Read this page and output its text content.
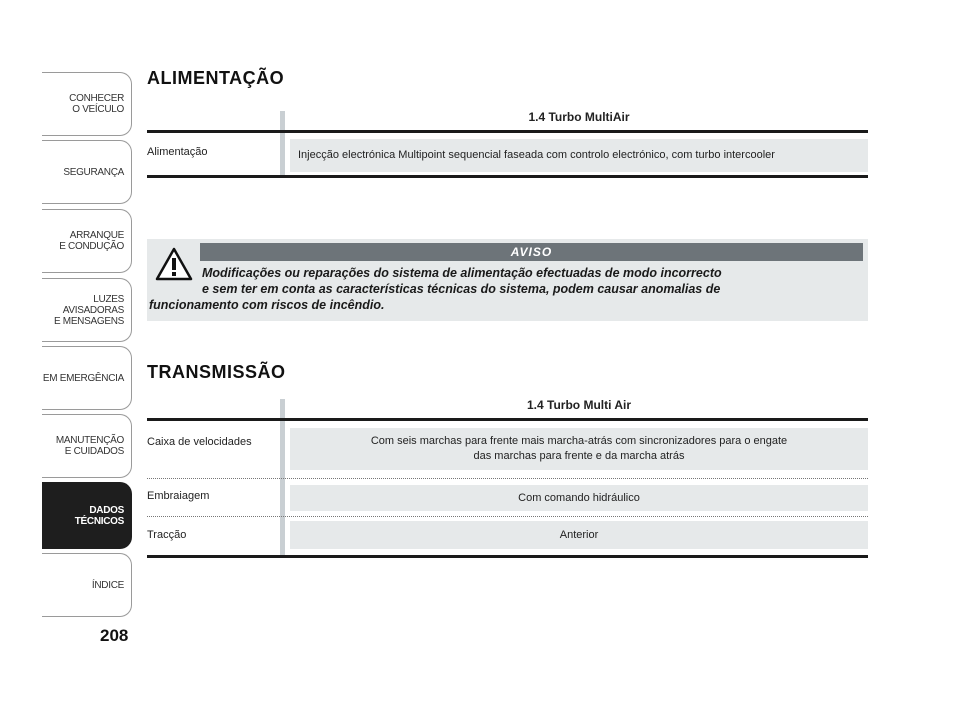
CONHECER
O VEÍCULO
SEGURANÇA
ARRANQUE
E CONDUÇÃO
LUZES
AVISADORAS
E MENSAGENS
EM EMERGÊNCIA
MANUTENÇÃO
E CUIDADOS
DADOS
TÉCNICOS
ÍNDICE
208
ALIMENTAÇÃO
1.4 Turbo MultiAir
Alimentação	Injecção electrónica Multipoint sequencial faseada com controlo electrónico, com turbo intercooler
AVISO
Modificações ou reparações do sistema de alimentação efectuadas de modo incorrecto
e sem ter em conta as características técnicas do sistema, podem causar anomalias de
funcionamento com riscos de incêndio.
TRANSMISSÃO
1.4 Turbo Multi Air
Caixa de velocidades	Com seis marchas para frente mais marcha-atrás com sincronizadores para o engate
das marchas para frente e da marcha atrás
Embraiagem	Com comando hidráulico
Tracção	Anterior
